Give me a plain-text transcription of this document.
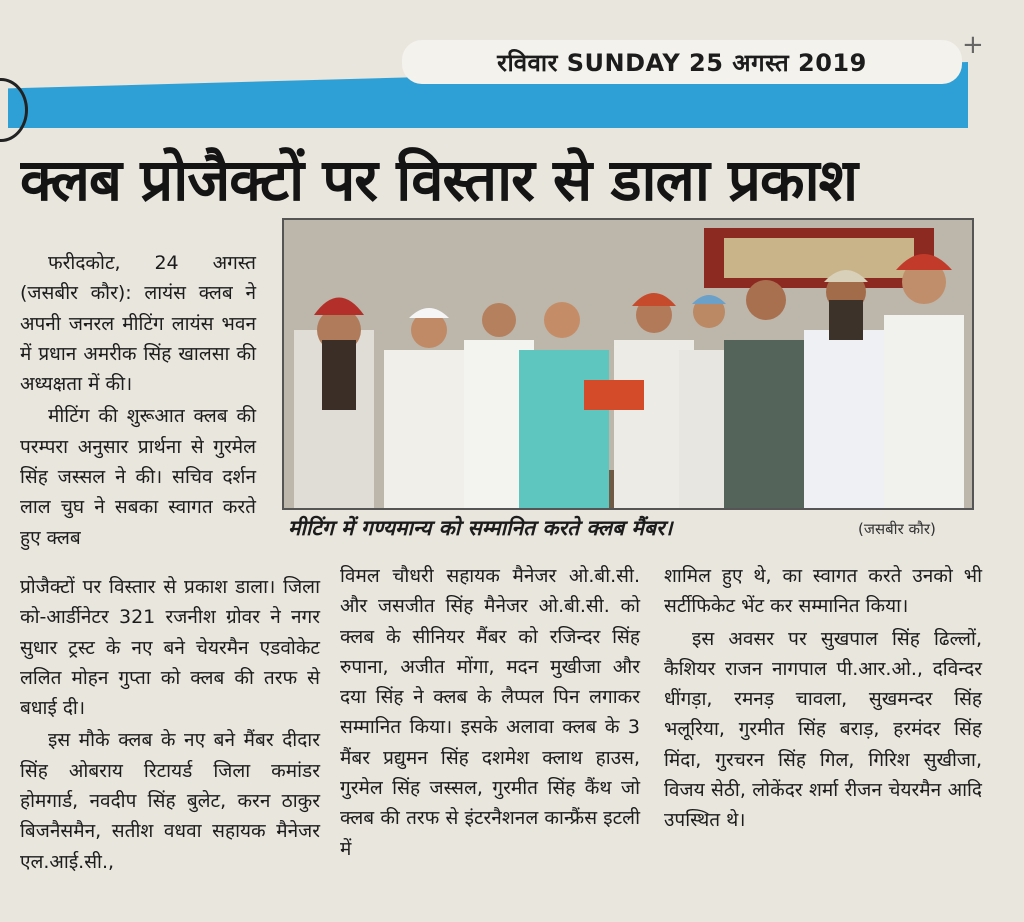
रविवार SUNDAY 25 अगस्त 2019
+
क्लब प्रोजैक्टों पर विस्तार से डाला प्रकाश
मीटिंग में गण्यमान्य को सम्मानित करते क्लब मैंबर।	(जसबीर कौर)

फरीदकोट, 24 अगस्त (जसबीर कौर): लायंस क्लब ने अपनी जनरल मीटिंग लायंस भवन में प्रधान अमरीक सिंह खालसा की अध्यक्षता में की।

मीटिंग की शुरूआत क्लब की परम्परा अनुसार प्रार्थना से गुरमेल सिंह जस्सल ने की। सचिव दर्शन लाल चुघ ने सबका स्वागत करते हुए क्लब

प्रोजैक्टों पर विस्तार से प्रकाश डाला। जिला को-आर्डीनेटर 321 रजनीश ग्रोवर ने नगर सुधार ट्रस्ट के नए बने चेयरमैन एडवोकेट ललित मोहन गुप्ता को क्लब की तरफ से बधाई दी।

इस मौके क्लब के नए बने मैंबर दीदार सिंह ओबराय रिटायर्ड जिला कमांडर होमगार्ड, नवदीप सिंह बुलेट, करन ठाकुर बिजनैसमैन, सतीश वधवा सहायक मैनेजर एल.आई.सी.,

विमल चौधरी सहायक मैनेजर ओ.बी.सी. और जसजीत सिंह मैनेजर ओ.बी.सी. को क्लब के सीनियर मैंबर को रजिन्दर सिंह रुपाना, अजीत मोंगा, मदन मुखीजा और दया सिंह ने क्लब के लैप्पल पिन लगाकर सम्मानित किया। इसके अलावा क्लब के 3 मैंबर प्रद्युमन सिंह दशमेश क्लाथ हाउस, गुरमेल सिंह जस्सल, गुरमीत सिंह कैंथ जो क्लब की तरफ से इंटरनैशनल कान्फ्रैंस इटली में

शामिल हुए थे, का स्वागत करते उनको भी सर्टीफिकेट भेंट कर सम्मानित किया।

इस अवसर पर सुखपाल सिंह ढिल्लों, कैशियर राजन नागपाल पी.आर.ओ., दविन्दर धींगड़ा, रमनड़ चावला, सुखमन्दर सिंह भलूरिया, गुरमीत सिंह बराड़, हरमंदर सिंह मिंदा, गुरचरन सिंह गिल, गिरिश सुखीजा, विजय सेठी, लोकेंदर शर्मा रीजन चेयरमैन आदि उपस्थित थे।
